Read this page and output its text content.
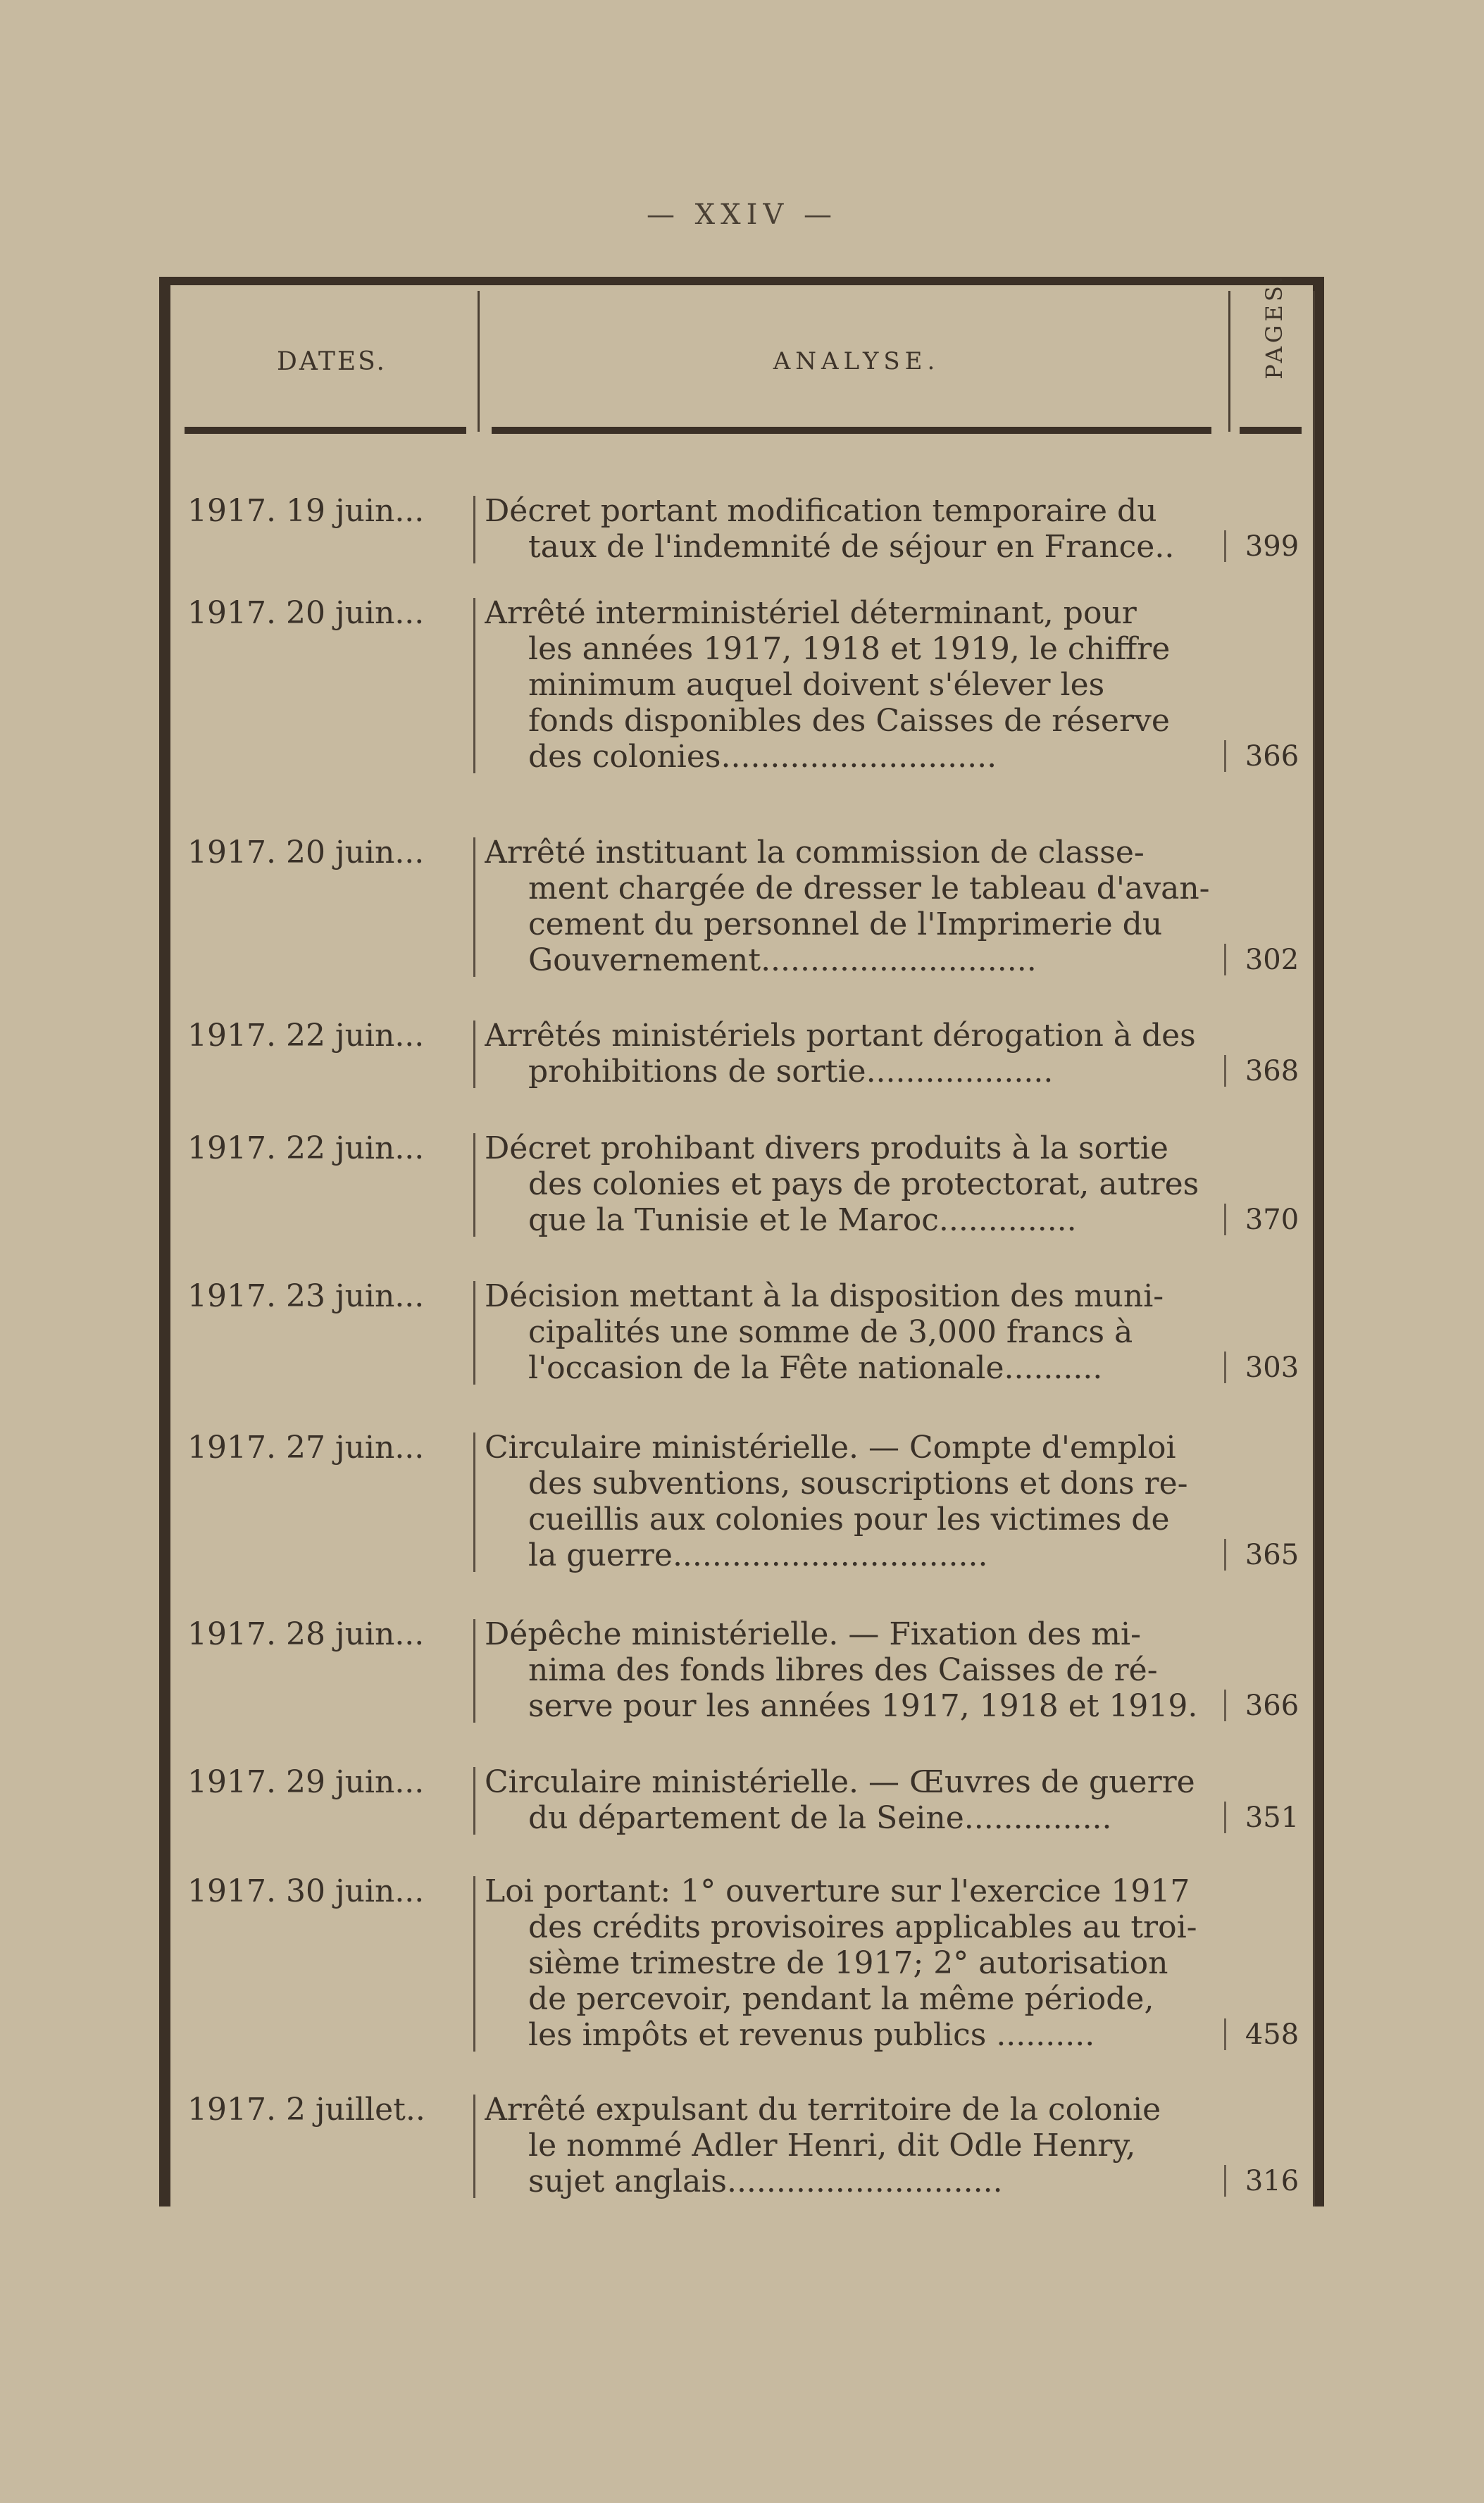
— XXIV —
DATES.	ANALYSE.	PAGES.
1917. 19 juin...	Décret portant modification temporaire du
taux de l'indemnité de séjour en France..	399
1917. 20 juin...	Arrêté interministériel déterminant, pour
les années 1917, 1918 et 1919, le chiffre
minimum auquel doivent s'élever les
fonds disponibles des Caisses de réserve
des colonies............................	366
1917. 20 juin...	Arrêté instituant la commission de classe-
ment chargée de dresser le tableau d'avan-
cement du personnel de l'Imprimerie du
Gouvernement............................	302
1917. 22 juin...	Arrêtés ministériels portant dérogation à des
prohibitions de sortie...................	368
1917. 22 juin...	Décret prohibant divers produits à la sortie
des colonies et pays de protectorat, autres
que la Tunisie et le Maroc..............	370
1917. 23 juin...	Décision mettant à la disposition des muni-
cipalités une somme de 3,000 francs à
l'occasion de la Fête nationale..........	303
1917. 27 juin...	Circulaire ministérielle. — Compte d'emploi
des subventions, souscriptions et dons re-
cueillis aux colonies pour les victimes de
la guerre................................	365
1917. 28 juin...	Dépêche ministérielle. — Fixation des mi-
nima des fonds libres des Caisses de ré-
serve pour les années 1917, 1918 et 1919.	366
1917. 29 juin...	Circulaire ministérielle. — Œuvres de guerre
du département de la Seine...............	351
1917. 30 juin...	Loi portant: 1° ouverture sur l'exercice 1917
des crédits provisoires applicables au troi-
sième trimestre de 1917; 2° autorisation
de percevoir, pendant la même période,
les impôts et revenus publics ..........	458
1917. 2 juillet..	Arrêté expulsant du territoire de la colonie
le nommé Adler Henri, dit Odle Henry,
sujet anglais............................	316
